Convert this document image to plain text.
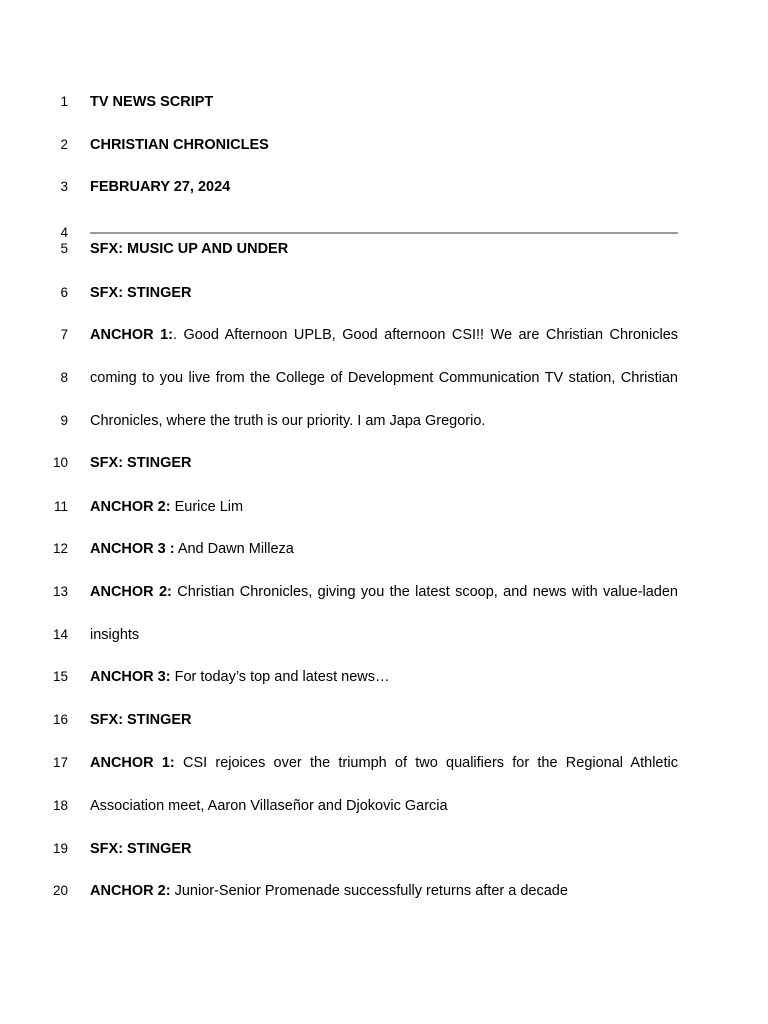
1 TV NEWS SCRIPT
2 CHRISTIAN CHRONICLES
3 FEBRUARY 27, 2024
4
5 SFX: MUSIC UP AND UNDER
6 SFX: STINGER
7 ANCHOR 1:. Good Afternoon UPLB, Good afternoon CSI!! We are Christian Chronicles
8 coming to you live from the College of Development Communication TV station, Christian
9 Chronicles, where the truth is our priority. I am Japa Gregorio.
10 SFX: STINGER
11 ANCHOR 2: Eurice Lim
12 ANCHOR 3 : And Dawn Milleza
13 ANCHOR 2: Christian Chronicles, giving you the latest scoop, and news with value-laden
14 insights
15 ANCHOR 3: For today’s top and latest news…
16 SFX: STINGER
17 ANCHOR 1: CSI rejoices over the triumph of two qualifiers for the Regional Athletic
18 Association meet, Aaron Villaseñor and Djokovic Garcia
19 SFX: STINGER
20 ANCHOR 2: Junior-Senior Promenade successfully returns after a decade
